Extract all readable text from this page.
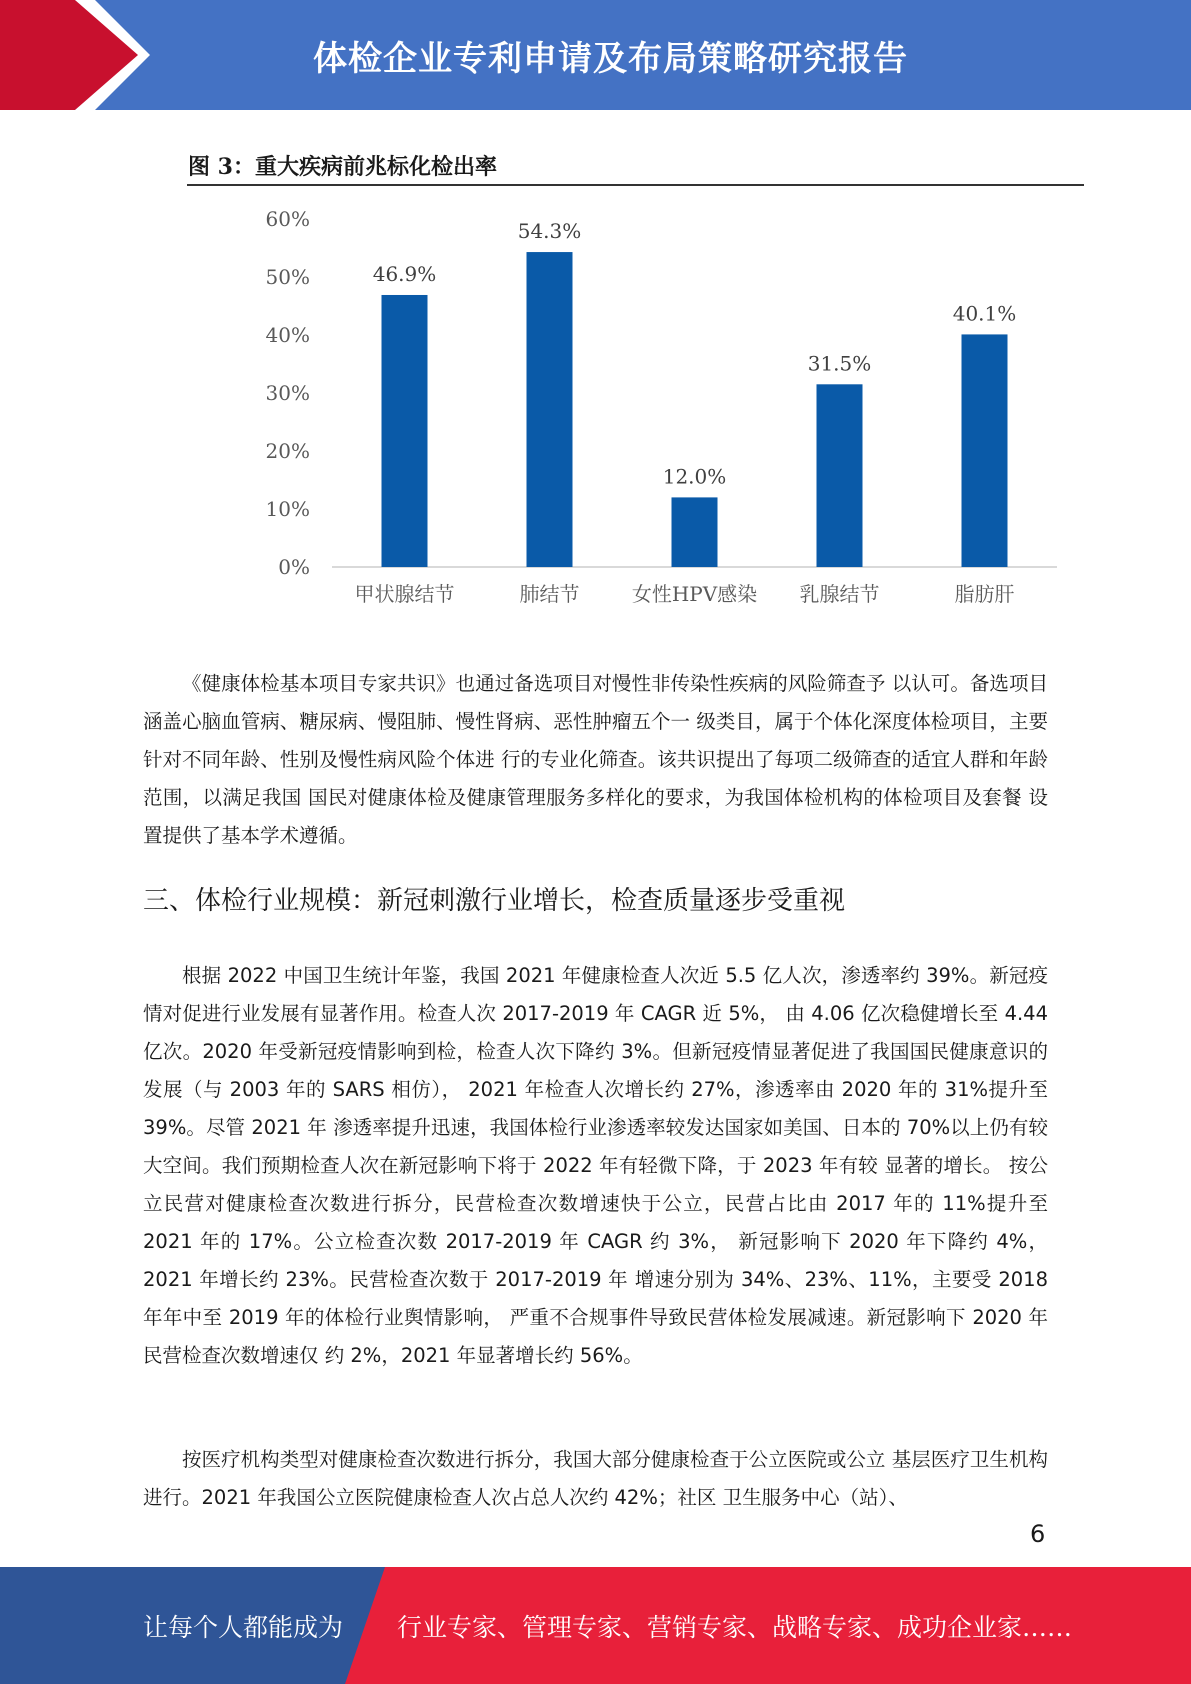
体检企业专利申请及布局策略研究报告
图 3：重大疾病前兆标化检出率
0%
10%
20%
30%
40%
50%
60%
46.9%
54.3%
12.0%
31.5%
40.1%
甲状腺结节	肺结节	女性HPV感染 乳腺结节	脂肪肝

《健康体检基本项目专家共识》也通过备选项目对慢性非传染性疾病的风险筛查予 以认可。备选项目涵盖心脑血管病、糖尿病、慢阻肺、慢性肾病、恶性肿瘤五个一 级类目，属于个体化深度体检项目，主要针对不同年龄、性别及慢性病风险个体进 行的专业化筛查。该共识提出了每项二级筛查的适宜人群和年龄范围，以满足我国 国民对健康体检及健康管理服务多样化的要求，为我国体检机构的体检项目及套餐 设置提供了基本学术遵循。

三、体检行业规模：新冠刺激行业增长，检查质量逐步受重视

根据 2022 中国卫生统计年鉴，我国 2021 年健康检查人次近 5.5 亿人次，渗透率约 39%。新冠疫情对促进行业发展有显著作用。检查人次 2017-2019 年 CAGR 近 5%， 由 4.06 亿次稳健增长至 4.44 亿次。2020 年受新冠疫情影响到检，检查人次下降约 3%。但新冠疫情显著促进了我国国民健康意识的发展（与 2003 年的 SARS 相仿）， 2021 年检查人次增长约 27%，渗透率由 2020 年的 31%提升至 39%。尽管 2021 年 渗透率提升迅速，我国体检行业渗透率较发达国家如美国、日本的 70%以上仍有较 大空间。我们预期检查人次在新冠影响下将于 2022 年有轻微下降，于 2023 年有较 显著的增长。 按公立民营对健康检查次数进行拆分，民营检查次数增速快于公立，民营占比由 2017 年的 11%提升至 2021 年的 17%。公立检查次数 2017-2019 年 CAGR 约 3%， 新冠影响下 2020 年下降约 4%，2021 年增长约 23%。民营检查次数于 2017-2019 年 增速分别为 34%、23%、11%，主要受 2018 年年中至 2019 年的体检行业舆情影响， 严重不合规事件导致民营体检发展减速。新冠影响下 2020 年民营检查次数增速仅 约 2%，2021 年显著增长约 56%。

按医疗机构类型对健康检查次数进行拆分，我国大部分健康检查于公立医院或公立 基层医疗卫生机构进行。2021 年我国公立医院健康检查人次占总人次约 42%；社区 卫生服务中心（站）、

6
让每个人都能成为 行业专家、管理专家、营销专家、战略专家、成功企业家……
